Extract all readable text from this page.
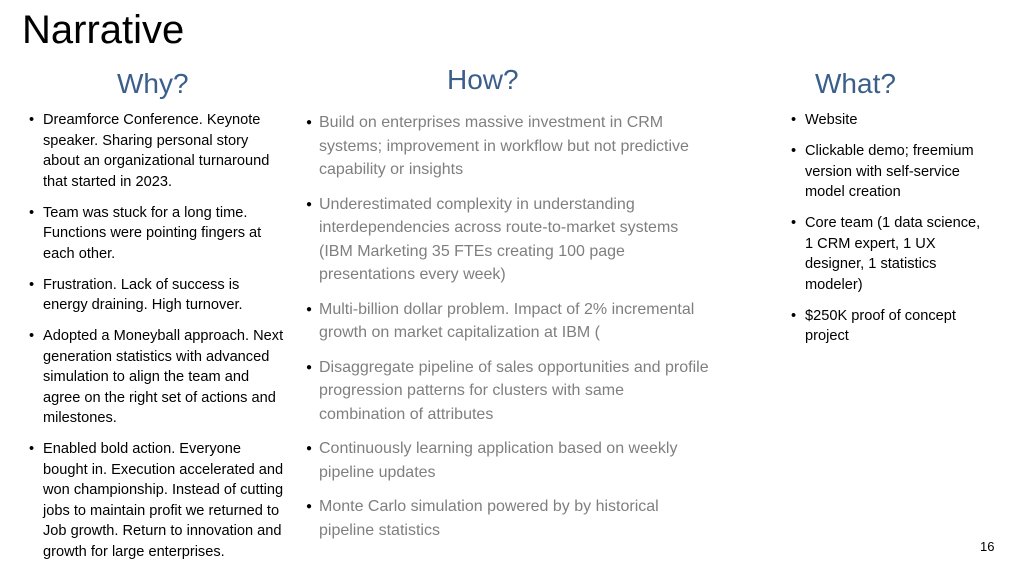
Narrative
Why?	How?	What?
• Dreamforce Conference. Keynote speaker. Sharing personal story about an organizational turnaround that started in 2023.
• Team was stuck for a long time. Functions were pointing fingers at each other.
• Frustration. Lack of success is energy draining. High turnover.
• Adopted a Moneyball approach. Next generation statistics with advanced simulation to align the team and agree on the right set of actions and milestones.
• Enabled bold action. Everyone bought in. Execution accelerated and won championship. Instead of cutting jobs to maintain profit we returned to Job growth. Return to innovation and growth for large enterprises.
● Build on enterprises massive investment in CRM systems; improvement in workflow but not predictive capability or insights
● Underestimated complexity in understanding interdependencies across route-to-market systems (IBM Marketing 35 FTEs creating 100 page presentations every week)
● Multi-billion dollar problem. Impact of 2% incremental growth on market capitalization at IBM (
● Disaggregate pipeline of sales opportunities and profile progression patterns for clusters with same combination of attributes
● Continuously learning application based on weekly pipeline updates
● Monte Carlo simulation powered by by historical pipeline statistics
• Website
• Clickable demo; freemium version with self-service model creation
• Core team (1 data science, 1 CRM expert, 1 UX designer, 1 statistics modeler)
• $250K proof of concept project
16
